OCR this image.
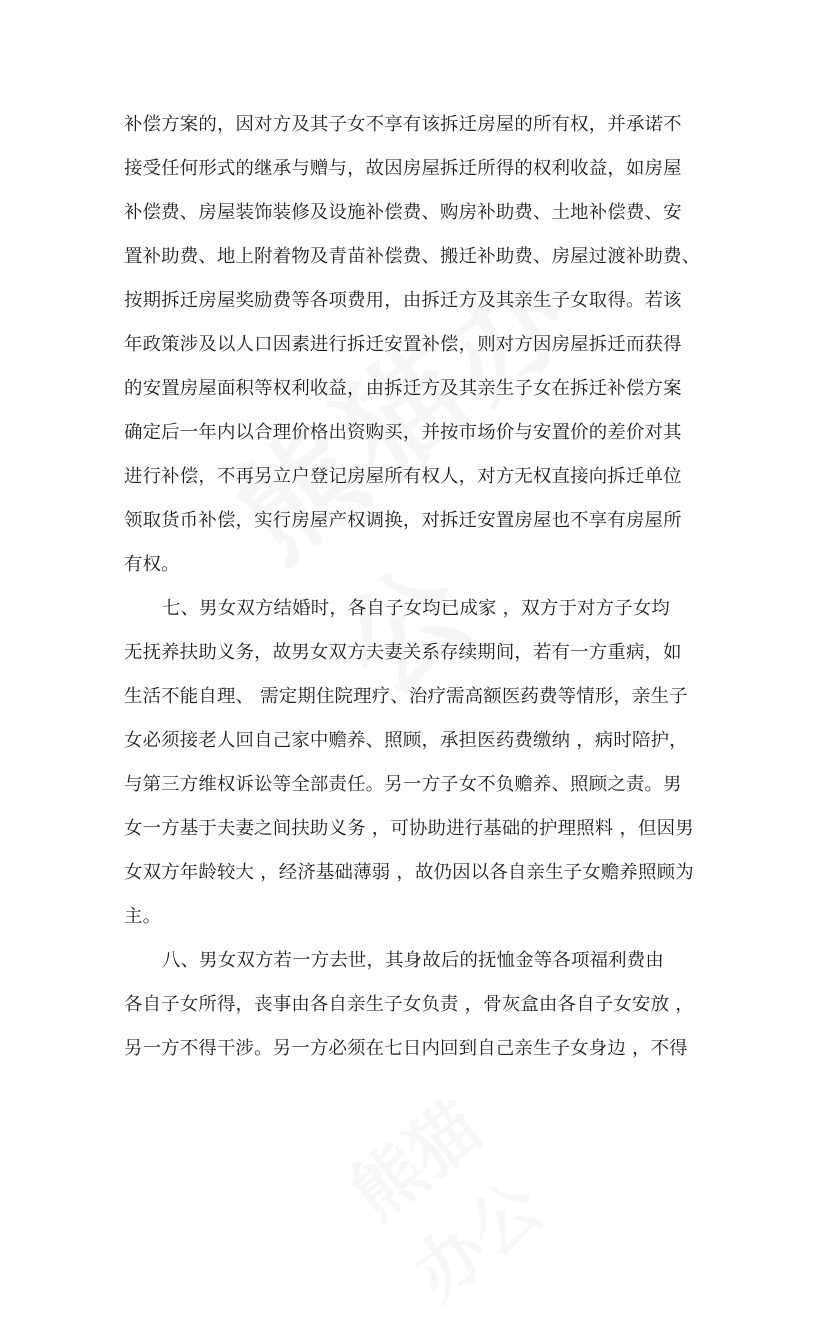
补偿方案的，因对方及其子女不享有该拆迁房屋的所有权，并承诺不
接受任何形式的继承与赠与，故因房屋拆迁所得的权利收益，如房屋
补偿费、房屋装饰装修及设施补偿费、购房补助费、土地补偿费、安
置补助费、地上附着物及青苗补偿费、搬迁补助费、房屋过渡补助费、
按期拆迁房屋奖励费等各项费用，由拆迁方及其亲生子女取得。若该
年政策涉及以人口因素进行拆迁安置补偿，则对方因房屋拆迁而获得
的安置房屋面积等权利收益，由拆迁方及其亲生子女在拆迁补偿方案
确定后一年内以合理价格出资购买，并按市场价与安置价的差价对其
进行补偿，不再另立户登记房屋所有权人，对方无权直接向拆迁单位
领取货币补偿，实行房屋产权调换，对拆迁安置房屋也不享有房屋所
有权。
七、男女双方结婚时，各自子女均已成家 ，双方于对方子女均
无抚养扶助义务，故男女双方夫妻关系存续期间，若有一方重病，如
生活不能自理、 需定期住院理疗、治疗需高额医药费等情形，亲生子
女必须接老人回自己家中赡养、照顾，承担医药费缴纳 ，病时陪护，
与第三方维权诉讼等全部责任。另一方子女不负赡养、照顾之责。男
女一方基于夫妻之间扶助义务 ，可协助进行基础的护理照料 ，但因男
女双方年龄较大 ，经济基础薄弱 ，故仍因以各自亲生子女赡养照顾为
主。
八、男女双方若一方去世，其身故后的抚恤金等各项福利费由
各自子女所得，丧事由各自亲生子女负责 ，骨灰盒由各自子女安放 ，
另一方不得干涉。另一方必须在七日内回到自己亲生子女身边 ，不得
